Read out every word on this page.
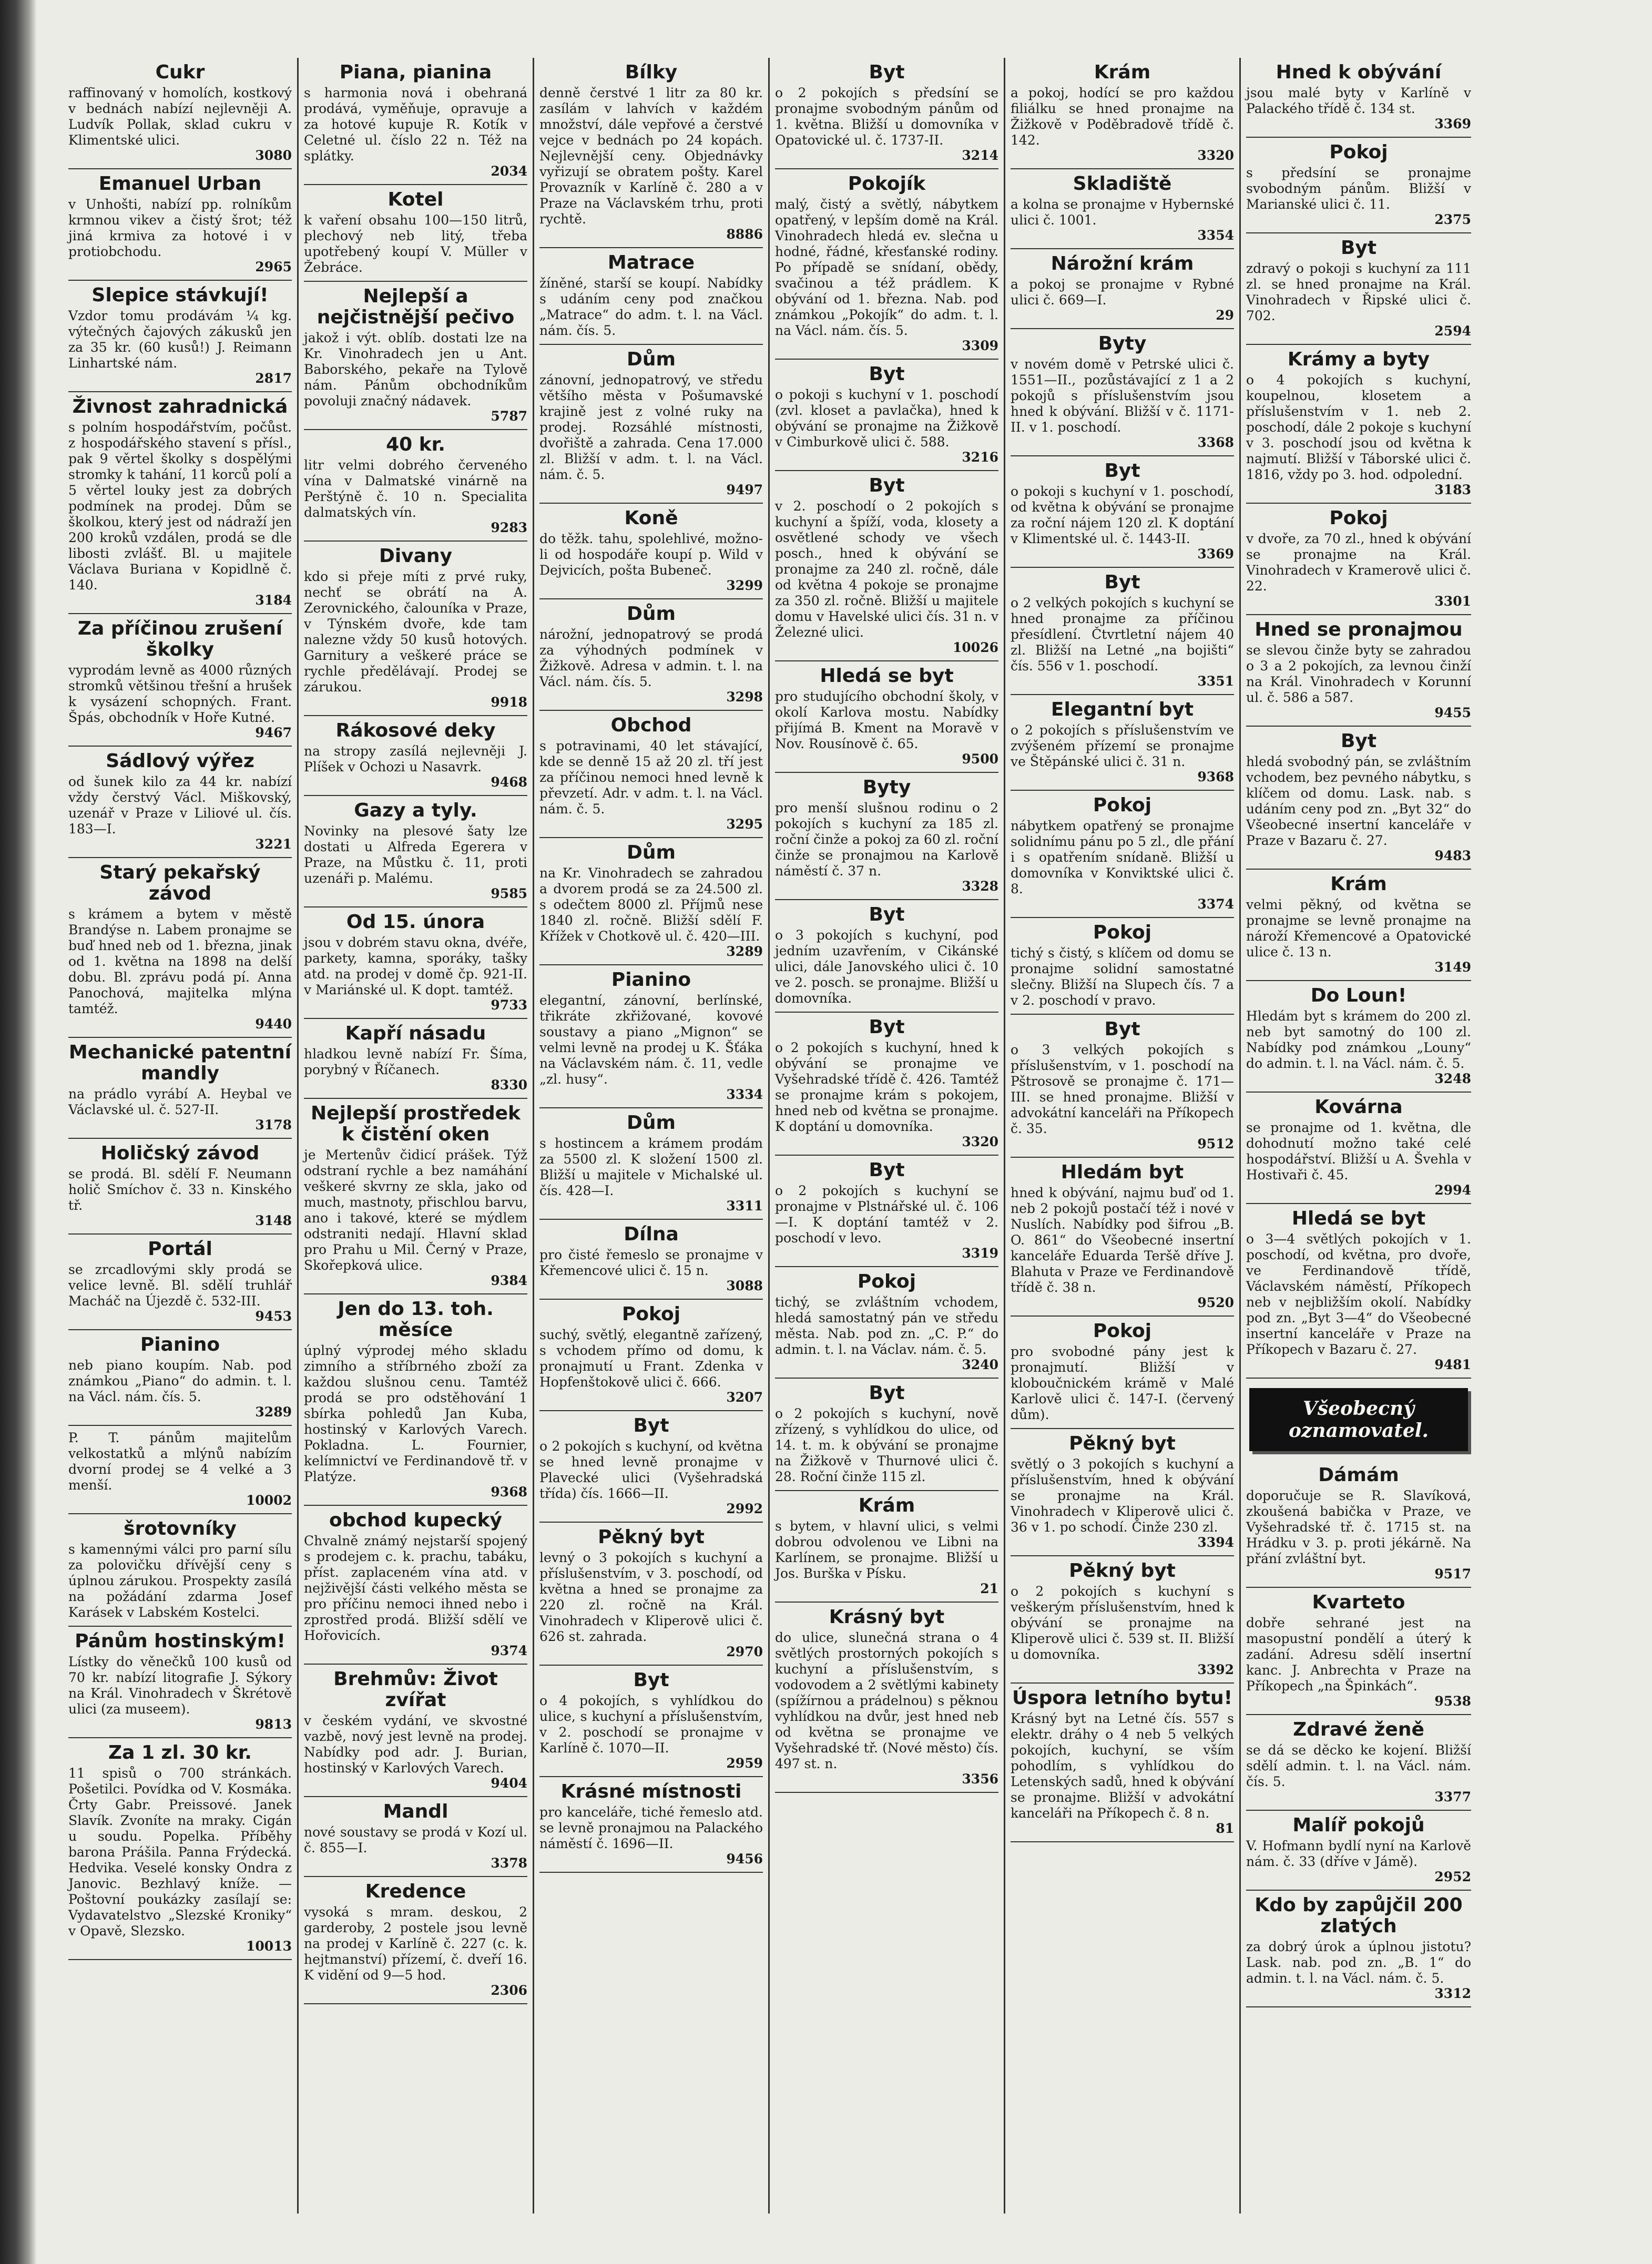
Cukr

raffinovaný v homolích, kostkový v bednách nabízí nejlevněji A. Ludvík Pollak, sklad cukru v Klimentské ulici.

3080
Emanuel Urban

v Unhošti, nabízí pp. rolníkům krmnou vikev a čistý šrot; též jiná krmiva za hotové i v protiobchodu.

2965
Slepice stávkují!

Vzdor tomu prodávám ¼ kg. výtečných čajových zákusků jen za 35 kr. (60 kusů!) J. Reimann Linhartské nám.

2817
Živnost zahradnická

s polním hospodářstvím, počůst. z hospodářského stavení s přísl., pak 9 věrtel školky s dospělými stromky k tahání, 11 korců polí a 5 věrtel louky jest za dobrých podmínek na prodej. Dům se školkou, který jest od nádraží jen 200 kroků vzdálen, prodá se dle libosti zvlášť. Bl. u majitele Václava Buriana v Kopidlně č. 140.

3184
Za příčinou zrušení školky

vyprodám levně as 4000 různých stromků většinou třešní a hrušek k vysázení schopných. Frant. Špás, obchodník v Hoře Kutné.

9467
Sádlový výřez

od šunek kilo za 44 kr. nabízí vždy čerstvý Václ. Miškovský, uzenář v Praze v Liliové ul. čís. 183—I.

3221
Starý pekařský závod

s krámem a bytem v městě Brandýse n. Labem pronajme se buď hned neb od 1. března, jinak od 1. května na 1898 na delší dobu. Bl. zprávu podá pí. Anna Panochová, majitelka mlýna tamtéž.

9440
Mechanické patentní mandly

na prádlo vyrábí A. Heybal ve Václavské ul. č. 527-II.

3178
Holičský závod

se prodá. Bl. sdělí F. Neumann holič Smíchov č. 33 n. Kinského tř.

3148
Portál

se zrcadlovými skly prodá se velice levně. Bl. sdělí truhlář Macháč na Újezdě č. 532-III.

9453
Pianino

neb piano koupím. Nab. pod známkou „Piano“ do admin. t. l. na Václ. nám. čís. 5.

3289

P. T. pánům majitelům velkostatků a mlýnů nabízím dvorní prodej se 4 velké a 3 menší.

10002
šrotovníky

s kamennými válci pro parní sílu za polovičku dřívější ceny s úplnou zárukou. Prospekty zasílá na požádání zdarma Josef Karásek v Labském Kostelci.

Pánům hostinským!

Lístky do věnečků 100 kusů od 70 kr. nabízí litografie J. Sýkory na Král. Vinohradech v Škrétově ulici (za museem).

9813
Za 1 zl. 30 kr.

11 spisů o 700 stránkách. Pošetilci. Povídka od V. Kosmáka. Črty Gabr. Preissové. Janek Slavík. Zvoníte na mraky. Cigán u soudu. Popelka. Příběhy barona Prášila. Panna Frýdecká. Hedvika. Veselé konsky Ondra z Janovic. Bezhlavý kníže. — Poštovní poukázky zasílají se: Vydavatelstvo „Slezské Kroniky“ v Opavě, Slezsko.

10013
Piana, pianina

s harmonia nová i obehraná prodává, vyměňuje, opravuje a za hotové kupuje R. Kotík v Celetné ul. číslo 22 n. Též na splátky.

2034
Kotel

k vaření obsahu 100—150 litrů, plechový neb litý, třeba upotřebený koupí V. Müller v Žebráce.

Nejlepší a nejčistnější pečivo

jakož i výt. oblíb. dostati lze na Kr. Vinohradech jen u Ant. Baborského, pekaře na Tylově nám. Pánům obchodníkům povoluji značný nádavek.

5787
40 kr.

litr velmi dobrého červeného vína v Dalmatské vinárně na Perštýně č. 10 n. Specialita dalmatských vín.

9283
Divany

kdo si přeje míti z prvé ruky, nechť se obrátí na A. Zerovnického, čalouníka v Praze, v Týnském dvoře, kde tam nalezne vždy 50 kusů hotových. Garnitury a veškeré práce se rychle předělávají. Prodej se zárukou.

9918
Rákosové deky

na stropy zasílá nejlevněji J. Plíšek v Ochozi u Nasavrk.

9468
Gazy a tyly.

Novinky na plesové šaty lze dostati u Alfreda Egerera v Praze, na Můstku č. 11, proti uzenáři p. Malému.

9585
Od 15. února

jsou v dobrém stavu okna, dvéře, parkety, kamna, sporáky, tašky atd. na prodej v domě čp. 921-II. v Mariánské ul. K dopt. tamtéž.

9733
Kapří násadu

hladkou levně nabízí Fr. Šíma, porybný v Říčanech.

8330
Nejlepší prostředek k čistění oken

je Mertenův čidicí prášek. Týž odstraní rychle a bez namáhání veškeré skvrny ze skla, jako od much, mastnoty, přischlou barvu, ano i takové, které se mýdlem odstraniti nedají. Hlavní sklad pro Prahu u Mil. Černý v Praze, Skořepková ulice.

9384
Jen do 13. toh. měsíce

úplný výprodej mého skladu zimního a stříbrného zboží za každou slušnou cenu. Tamtéž prodá se pro odstěhování 1 sbírka pohledů Jan Kuba, hostinský v Karlových Varech. Pokladna. L. Fournier, kelímnictví ve Ferdinandově tř. v Platýze.

9368
obchod kupecký

Chvalně známý nejstarší spojený s prodejem c. k. prachu, tabáku, příst. zaplaceném vína atd. v nejživější části velkého města se pro příčinu nemoci ihned nebo i zprostřed prodá. Bližší sdělí ve Hořovicích.

9374
Brehmův: Život zvířat

v českém vydání, ve skvostné vazbě, nový jest levně na prodej. Nabídky pod adr. J. Burian, hostinský v Karlových Varech.

9404
Mandl

nové soustavy se prodá v Kozí ul. č. 855—I.

3378
Kredence

vysoká s mram. deskou, 2 garderoby, 2 postele jsou levně na prodej v Karlíně č. 227 (c. k. hejtmanství) přízemí, č. dveří 16. K vidění od 9—5 hod.

2306
Bílky

denně čerstvé 1 litr za 80 kr. zasílám v lahvích v každém množství, dále vepřové a čerstvé vejce v bednách po 24 kopách. Nejlevnější ceny. Objednávky vyřizují se obratem pošty. Karel Provazník v Karlíně č. 280 a v Praze na Václavském trhu, proti rychtě.

8886
Matrace

žíněné, starší se koupí. Nabídky s udáním ceny pod značkou „Matrace“ do adm. t. l. na Václ. nám. čís. 5.

Dům

zánovní, jednopatrový, ve středu většího města v Pošumavské krajině jest z volné ruky na prodej. Rozsáhlé místnosti, dvořiště a zahrada. Cena 17.000 zl. Bližší v adm. t. l. na Václ. nám. č. 5.

9497
Koně

do těžk. tahu, spolehlivé, možno-li od hospodáře koupí p. Wild v Dejvicích, pošta Bubeneč.

3299
Dům

nárožní, jednopatrový se prodá za výhodných podmínek v Žižkově. Adresa v admin. t. l. na Václ. nám. čís. 5.

3298
Obchod

s potravinami, 40 let stávající, kde se denně 15 až 20 zl. tří jest za příčinou nemoci hned levně k převzetí. Adr. v adm. t. l. na Václ. nám. č. 5.

3295
Dům

na Kr. Vinohradech se zahradou a dvorem prodá se za 24.500 zl. s odečtem 8000 zl. Příjmů nese 1840 zl. ročně. Bližší sdělí F. Křížek v Chotkově ul. č. 420—III.

3289
Pianino

elegantní, zánovní, berlínské, třikráte zkřižované, kovové soustavy a piano „Mignon“ se velmi levně na prodej u K. Šťáka na Václavském nám. č. 11, vedle „zl. husy“.

3334
Dům

s hostincem a krámem prodám za 5500 zl. K složení 1500 zl. Bližší u majitele v Michalské ul. čís. 428—I.

3311
Dílna

pro čisté řemeslo se pronajme v Křemencové ulici č. 15 n.

3088
Pokoj

suchý, světlý, elegantně zařízený, s vchodem přímo od domu, k pronajmutí u Frant. Zdenka v Hopfenštokově ulici č. 666.

3207
Byt

o 2 pokojích s kuchyní, od května se hned levně pronajme v Plavecké ulici (Vyšehradská třída) čís. 1666—II.

2992
Pěkný byt

levný o 3 pokojích s kuchyní a příslušenstvím, v 3. poschodí, od května a hned se pronajme za 220 zl. ročně na Král. Vinohradech v Kliperově ulici č. 626 st. zahrada.

2970
Byt

o 4 pokojích, s vyhlídkou do ulice, s kuchyní a příslušenstvím, v 2. poschodí se pronajme v Karlíně č. 1070—II.

2959
Krásné místnosti

pro kanceláře, tiché řemeslo atd. se levně pronajmou na Palackého náměstí č. 1696—II.

9456
Byt

o 2 pokojích s předsíní se pronajme svobodným pánům od 1. května. Bližší u domovníka v Opatovické ul. č. 1737-II.

3214
Pokojík

malý, čistý a světlý, nábytkem opatřený, v lepším domě na Král. Vinohradech hledá ev. slečna u hodné, řádné, křesťanské rodiny. Po případě se snídaní, obědy, svačinou a též prádlem. K obývání od 1. března. Nab. pod známkou „Pokojík“ do adm. t. l. na Václ. nám. čís. 5.

3309
Byt

o pokoji s kuchyní v 1. poschodí (zvl. kloset a pavlačka), hned k obývání se pronajme na Žižkově v Cimburkově ulici č. 588.

3216
Byt

v 2. poschodí o 2 pokojích s kuchyní a špíží, voda, klosety a osvětlené schody ve všech posch., hned k obývání se pronajme za 240 zl. ročně, dále od května 4 pokoje se pronajme za 350 zl. ročně. Bližší u majitele domu v Havelské ulici čís. 31 n. v Železné ulici.

10026
Hledá se byt

pro studujícího obchodní školy, v okolí Karlova mostu. Nabídky přijímá B. Kment na Moravě v Nov. Rousínově č. 65.

9500
Byty

pro menší slušnou rodinu o 2 pokojích s kuchyní za 185 zl. roční činže a pokoj za 60 zl. roční činže se pronajmou na Karlově náměstí č. 37 n.

3328
Byt

o 3 pokojích s kuchyní, pod jedním uzavřením, v Cikánské ulici, dále Janovského ulici č. 10 ve 2. posch. se pronajme. Bližší u domovníka.

Byt

o 2 pokojích s kuchyní, hned k obývání se pronajme ve Vyšehradské třídě č. 426. Tamtéž se pronajme krám s pokojem, hned neb od května se pronajme. K doptání u domovníka.

3320
Byt

o 2 pokojích s kuchyní se pronajme v Plstnářské ul. č. 106—I. K doptání tamtéž v 2. poschodí v levo.

3319
Pokoj

tichý, se zvláštním vchodem, hledá samostatný pán ve středu města. Nab. pod zn. „C. P.“ do admin. t. l. na Václav. nám. č. 5.

3240
Byt

o 2 pokojích s kuchyní, nově zřízený, s vyhlídkou do ulice, od 14. t. m. k obývání se pronajme na Žižkově v Thurnové ulici č. 28. Roční činže 115 zl.

Krám

s bytem, v hlavní ulici, s velmi dobrou odvolenou ve Libni na Karlínem, se pronajme. Bližší u Jos. Burška v Písku.

21
Krásný byt

do ulice, slunečná strana o 4 světlých prostorných pokojích s kuchyní a příslušenstvím, s vodovodem a 2 světlými kabinety (spížírnou a prádelnou) s pěknou vyhlídkou na dvůr, jest hned neb od května se pronajme ve Vyšehradské tř. (Nové město) čís. 497 st. n.

3356
Krám

a pokoj, hodící se pro každou filiálku se hned pronajme na Žižkově v Poděbradově třídě č. 142.

3320
Skladiště

a kolna se pronajme v Hybernské ulici č. 1001.

3354
Nárožní krám

a pokoj se pronajme v Rybné ulici č. 669—I.

29
Byty

v novém domě v Petrské ulici č. 1551—II., pozůstávající z 1 a 2 pokojů s příslušenstvím jsou hned k obývání. Bližší v č. 1171-II. v 1. poschodí.

3368
Byt

o pokoji s kuchyní v 1. poschodí, od května k obývání se pronajme za roční nájem 120 zl. K doptání v Klimentské ul. č. 1443-II.

3369
Byt

o 2 velkých pokojích s kuchyní se hned pronajme za příčinou přesídlení. Čtvrtletní nájem 40 zl. Bližší na Letné „na bojišti“ čís. 556 v 1. poschodí.

3351
Elegantní byt

o 2 pokojích s příslušenstvím ve zvýšeném přízemí se pronajme ve Štěpánské ulici č. 31 n.

9368
Pokoj

nábytkem opatřený se pronajme solidnímu pánu po 5 zl., dle přání i s opatřením snídaně. Bližší u domovníka v Konviktské ulici č. 8.

3374
Pokoj

tichý s čistý, s klíčem od domu se pronajme solidní samostatné slečny. Bližší na Slupech čís. 7 a v 2. poschodí v pravo.

Byt

o 3 velkých pokojích s příslušenstvím, v 1. poschodí na Pštrosově se pronajme č. 171—III. se hned pronajme. Bližší v advokátní kanceláři na Příkopech č. 35.

9512
Hledám byt

hned k obývání, najmu buď od 1. neb 2 pokojů postačí též i nové v Nuslích. Nabídky pod šifrou „B. O. 861“ do Všeobecné insertní kanceláře Eduarda Teršě dříve J. Blahuta v Praze ve Ferdinandově třídě č. 38 n.

9520
Pokoj

pro svobodné pány jest k pronajmutí. Bližší v kloboučnickém krámě v Malé Karlově ulici č. 147-I. (červený dům).

Pěkný byt

světlý o 3 pokojích s kuchyní a příslušenstvím, hned k obývání se pronajme na Král. Vinohradech v Kliperově ulici č. 36 v 1. po schodí. Činže 230 zl.

3394
Pěkný byt

o 2 pokojích s kuchyní s veškerým příslušenstvím, hned k obývání se pronajme na Kliperově ulici č. 539 st. II. Bližší u domovníka.

3392
Úspora letního bytu!

Krásný byt na Letné čís. 557 s elektr. dráhy o 4 neb 5 velkých pokojích, kuchyní, se vším pohodlím, s vyhlídkou do Letenských sadů, hned k obývání se pronajme. Bližší v advokátní kanceláři na Příkopech č. 8 n.

81
Hned k obývání

jsou malé byty v Karlíně v Palackého třídě č. 134 st.

3369
Pokoj

s předsíní se pronajme svobodným pánům. Bližší v Marianské ulici č. 11.

2375
Byt

zdravý o pokoji s kuchyní za 111 zl. se hned pronajme na Král. Vinohradech v Řipské ulici č. 702.

2594
Krámy a byty

o 4 pokojích s kuchyní, koupelnou, klosetem a příslušenstvím v 1. neb 2. poschodí, dále 2 pokoje s kuchyní v 3. poschodí jsou od května k najmutí. Bližší v Táborské ulici č. 1816, vždy po 3. hod. odpolední.

3183
Pokoj

v dvoře, za 70 zl., hned k obývání se pronajme na Král. Vinohradech v Kramerově ulici č. 22.

3301
Hned se pronajmou

se slevou činže byty se zahradou o 3 a 2 pokojích, za levnou činží na Král. Vinohradech v Korunní ul. č. 586 a 587.

9455
Byt

hledá svobodný pán, se zvláštním vchodem, bez pevného nábytku, s klíčem od domu. Lask. nab. s udáním ceny pod zn. „Byt 32“ do Všeobecné insertní kanceláře v Praze v Bazaru č. 27.

9483
Krám

velmi pěkný, od května se pronajme se levně pronajme na nároží Křemencové a Opatovické ulice č. 13 n.

3149
Do Loun!

Hledám byt s krámem do 200 zl. neb byt samotný do 100 zl. Nabídky pod známkou „Louny“ do admin. t. l. na Václ. nám. č. 5.

3248
Kovárna

se pronajme od 1. května, dle dohodnutí možno také celé hospodářství. Bližší u A. Švehla v Hostivaři č. 45.

2994
Hledá se byt

o 3—4 světlých pokojích v 1. poschodí, od května, pro dvoře, ve Ferdinandově třídě, Václavském náměstí, Příkopech neb v nejbližším okolí. Nabídky pod zn. „Byt 3—4“ do Všeobecné insertní kanceláře v Praze na Příkopech v Bazaru č. 27.

9481
Všeobecný oznamovatel.
Dámám

doporučuje se R. Slavíková, zkoušená babička v Praze, ve Vyšehradské tř. č. 1715 st. na Hrádku v 3. p. proti jékárně. Na přání zvláštní byt.

9517
Kvarteto

dobře sehrané jest na masopustní pondělí a úterý k zadání. Adresu sdělí insertní kanc. J. Anbrechta v Praze na Příkopech „na Špinkách“.

9538
Zdravé ženě

se dá se děcko ke kojení. Bližší sdělí admin. t. l. na Václ. nám. čís. 5.

3377
Malíř pokojů

V. Hofmann bydlí nyní na Karlově nám. č. 33 (dříve v Jámě).

2952
Kdo by zapůjčil 200 zlatých

za dobrý úrok a úplnou jistotu? Lask. nab. pod zn. „B. 1“ do admin. t. l. na Václ. nám. č. 5.

3312
